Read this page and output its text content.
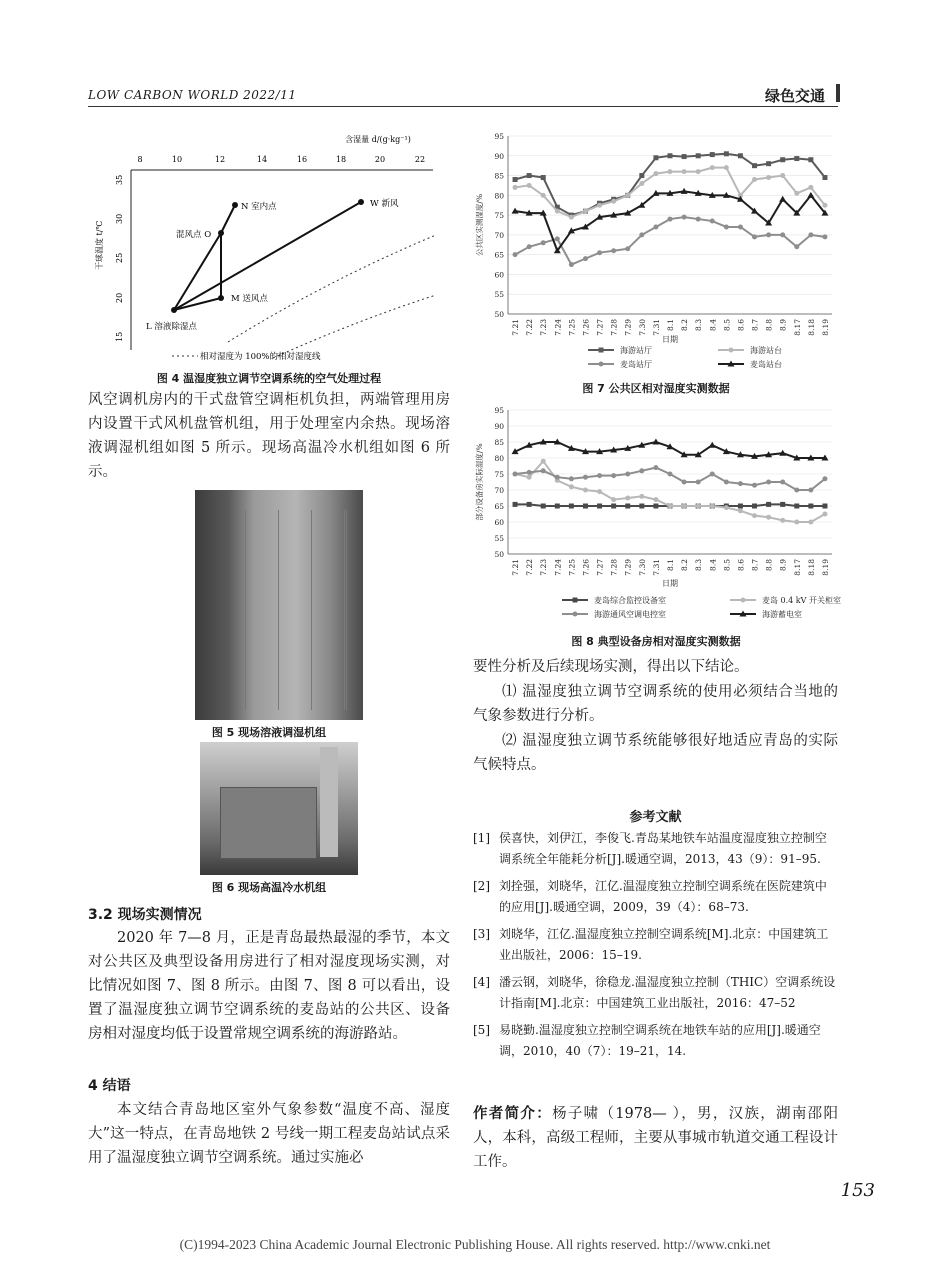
LOW CARBON WORLD 2022/11	绿色交通
含湿量 d/(g·kg⁻¹)
8	10	12	14	16	18	20	22
35
30
25
20
15
干球温度 t/℃
N 室内点
混风点 O
W 新风
M 送风点
L 溶液除湿点
相对湿度为 100%的相对湿度线
图 4 温湿度独立调节空调系统的空气处理过程
风空调机房内的干式盘管空调柜机负担，两端管理用房内设置干式风机盘管机组，用于处理室内余热。现场溶液调湿机组如图 5 所示。现场高温冷水机组如图 6 所示。
图 5 现场溶液调湿机组
图 6 现场高温冷水机组
3.2 现场实测情况
2020 年 7—8 月，正是青岛最热最湿的季节，本文对公共区及典型设备用房进行了相对湿度现场实测，对比情况如图 7、图 8 所示。由图 7、图 8 可以看出，设置了温湿度独立调节空调系统的麦岛站的公共区、设备房相对湿度均低于设置常规空调系统的海游路站。
4 结语
本文结合青岛地区室外气象参数“温度不高、湿度大”这一特点，在青岛地铁 2 号线一期工程麦岛站试点采用了温湿度独立调节空调系统。通过实施必
50
55
60
65
70
75
80
85
90
95
公共区实测湿度/%
7.21 7.22 7.23 7.24 7.25 7.26 7.27 7.28 7.29 7.30 7.31 8.1 8.2 8.3 8.4 8.5 8.6 8.7 8.8 8.9 8.17 8.18 8.19
日期
海游站厅	海游站台
麦岛站厅	麦岛站台
图 7 公共区相对湿度实测数据
50
55
60
65
70
75
80
85
90
95
部分设备房实际湿度/%
7.21 7.22 7.23 7.24 7.25 7.26 7.27 7.28 7.29 7.30 7.31 8.1 8.2 8.3 8.4 8.5 8.6 8.7 8.8 8.9 8.17 8.18 8.19
日期
麦岛综合监控设备室	麦岛 0.4 kV 开关柜室
海游通风空调电控室	海游蓄电室
图 8 典型设备房相对湿度实测数据
要性分析及后续现场实测，得出以下结论。
⑴ 温湿度独立调节空调系统的使用必须结合当地的气象参数进行分析。
⑵ 温湿度独立调节系统能够很好地适应青岛的实际气候特点。
参考文献
[1] 侯喜快，刘伊江，李俊飞.青岛某地铁车站温度湿度独立控制空调系统全年能耗分析[J].暖通空调，2013，43（9）：91–95.
[2] 刘拴强，刘晓华，江亿.温湿度独立控制空调系统在医院建筑中的应用[J].暖通空调，2009，39（4）：68–73.
[3] 刘晓华，江亿.温湿度独立控制空调系统[M].北京：中国建筑工业出版社，2006：15–19.
[4] 潘云钢，刘晓华，徐稳龙.温湿度独立控制（THIC）空调系统设计指南[M].北京：中国建筑工业出版社，2016：47–52
[5] 易晓勤.温湿度独立控制空调系统在地铁车站的应用[J].暖通空调，2010，40（7）：19–21，14.
作者简介：杨子啸（1978— ），男，汉族，湖南邵阳人，本科，高级工程师，主要从事城市轨道交通工程设计工作。
153
(C)1994-2023 China Academic Journal Electronic Publishing House. All rights reserved. http://www.cnki.net
